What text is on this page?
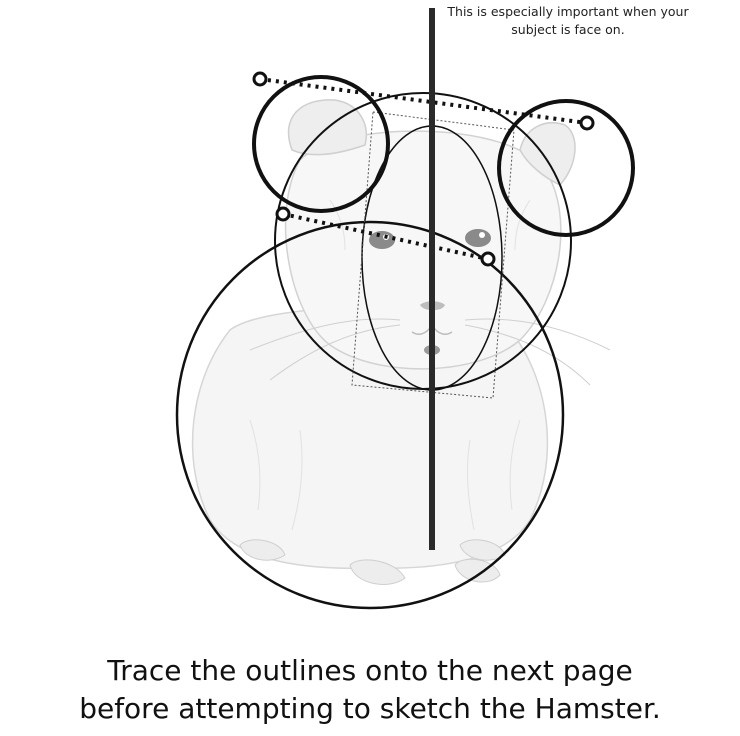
This is especially important when your
subject is face on.
Trace the outlines onto the next page
before attempting to sketch the Hamster.
